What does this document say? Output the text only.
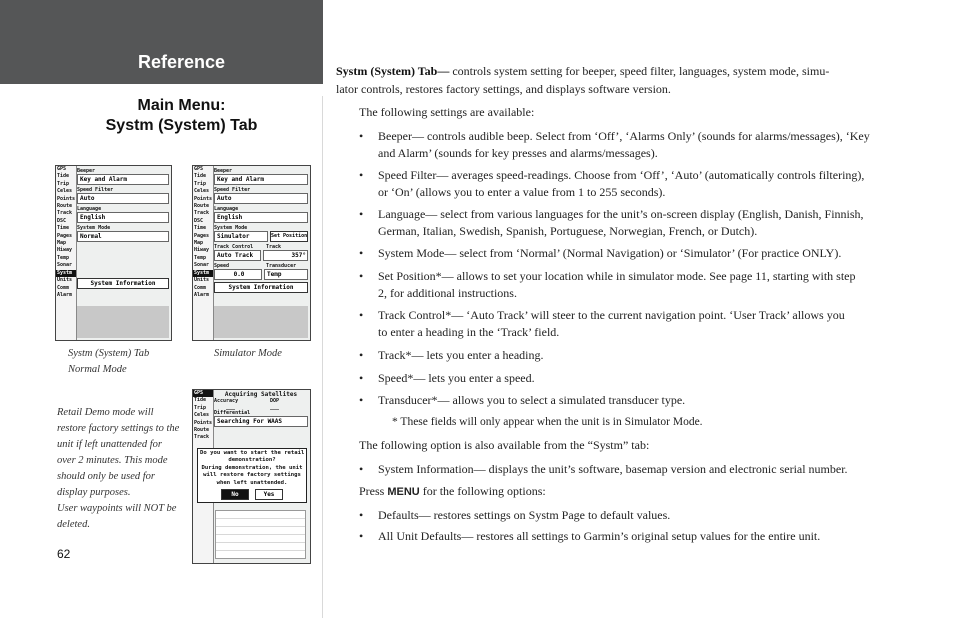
Reference
Main Menu:
Systm (System) Tab
GPS
Tide
Trip
Celes
Points
Route
Track
DSC
Time
Pages
Map
Hiway
Temp
Sonar
Systm
Units
Comm
Alarm
Beeper
Key and Alarm
Speed Filter
Auto
Language
English
System Mode
Normal
System Information
GPS
Tide
Trip
Celes
Points
Route
Track
DSC
Time
Pages
Map
Hiway
Temp
Sonar
Systm
Units
Comm
Alarm
Beeper
Key and Alarm
Speed Filter
Auto
Language
English
System Mode
Simulator	Set Position
Track Control	Track
Auto Track	357°
Speed	Transducer
0.0	Temp
System Information
GPS
Tide
Trip
Celes
Points
Route
Track
Acquiring Satellites
Accuracy	DOP
___	___
Differential
Searching For WAAS
Do you want to start the retail
demonstration?
During demonstration, the unit
will restore factory settings
when left unattended.
No	Yes
Systm (System) Tab
Normal Mode
Simulator Mode
Retail Demo mode will
restore factory settings to the
unit if left unattended for
over 2 minutes. This mode
should only be used for
display purposes.
User waypoints will NOT be
deleted.
62
Systm (System) Tab— controls system setting for beeper, speed filter, languages, system mode, simu-
lator controls, restores factory settings, and displays software version.
The following settings are available:
•	Beeper— controls audible beep. Select from ‘Off’, ‘Alarms Only’ (sounds for alarms/messages), ‘Key
and Alarm’ (sounds for key presses and alarms/messages).
•	Speed Filter— averages speed-readings. Choose from ‘Off’, ‘Auto’ (automatically controls filtering),
or ‘On’ (allows you to enter a value from 1 to 255 seconds).
•	Language— select from various languages for the unit’s on-screen display (English, Danish, Finnish,
German, Italian, Swedish, Spanish, Portuguese, Norwegian, French, or Dutch).
•	System Mode— select from ‘Normal’ (Normal Navigation) or ‘Simulator’ (For practice ONLY).
•	Set Position*— allows to set your location while in simulator mode. See page 11, starting with step
2, for additional instructions.
•	Track Control*— ‘Auto Track’ will steer to the current navigation point. ‘User Track’ allows you
to enter a heading in the ‘Track’ field.
•	Track*— lets you enter a heading.
•	Speed*— lets you enter a speed.
•	Transducer*— allows you to select a simulated transducer type.
* These fields will only appear when the unit is in Simulator Mode.
The following option is also available from the “Systm” tab:
•	System Information— displays the unit’s software, basemap version and electronic serial number.
Press MENU for the following options:
•	Defaults— restores settings on Systm Page to default values.
•	All Unit Defaults— restores all settings to Garmin’s original setup values for the entire unit.
